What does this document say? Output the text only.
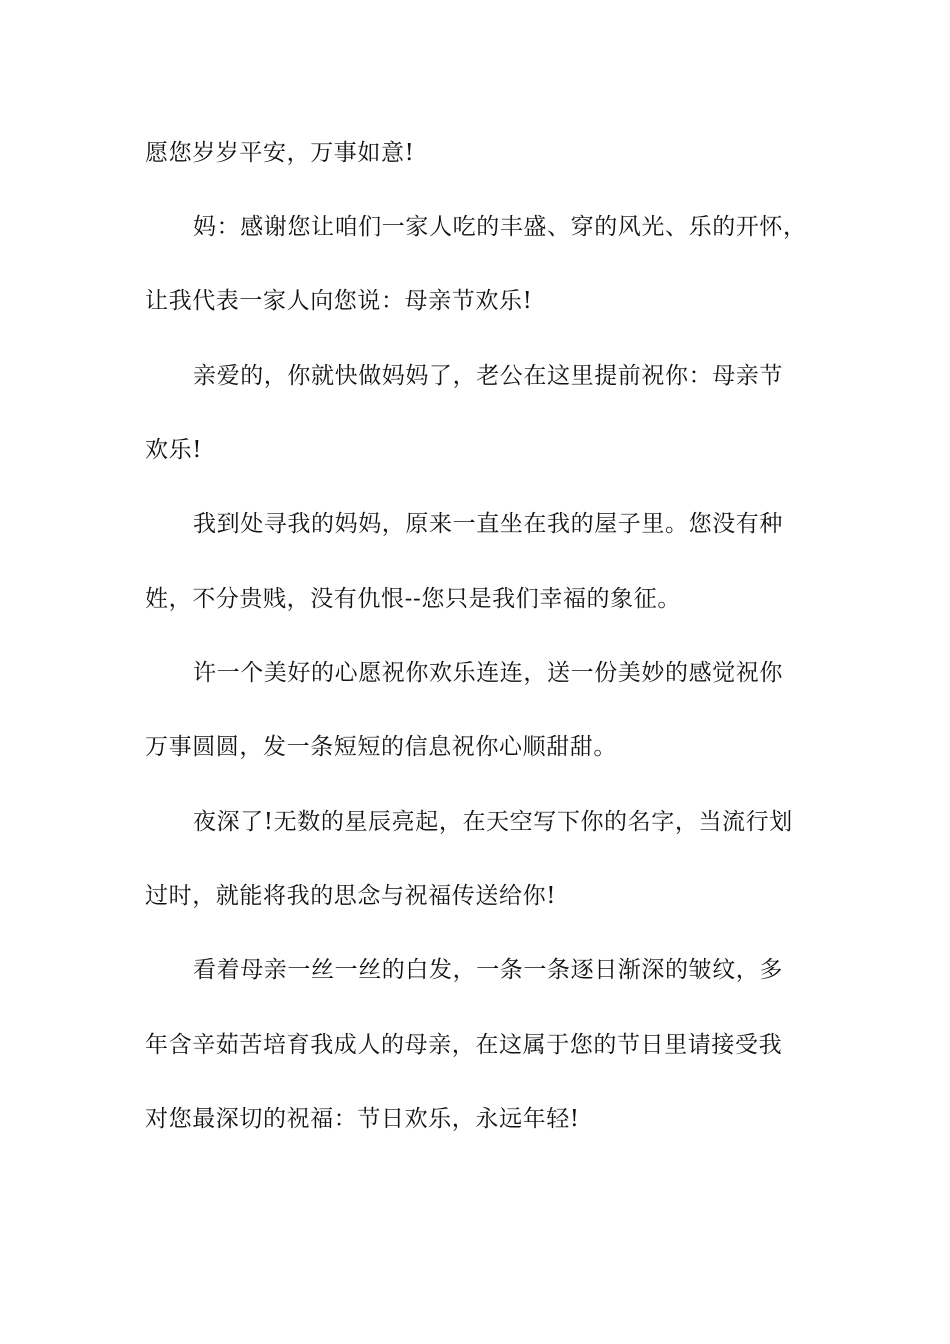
愿您岁岁平安，万事如意!
妈：感谢您让咱们一家人吃的丰盛、穿的风光、乐的开怀，
让我代表一家人向您说：母亲节欢乐!
亲爱的，你就快做妈妈了，老公在这里提前祝你：母亲节
欢乐!
我到处寻我的妈妈，原来一直坐在我的屋子里。您没有种
姓，不分贵贱，没有仇恨--您只是我们幸福的象征。
许一个美好的心愿祝你欢乐连连，送一份美妙的感觉祝你
万事圆圆，发一条短短的信息祝你心顺甜甜。
夜深了!无数的星辰亮起，在天空写下你的名字，当流行划
过时，就能将我的思念与祝福传送给你!
看着母亲一丝一丝的白发，一条一条逐日渐深的皱纹，多
年含辛茹苦培育我成人的母亲，在这属于您的节日里请接受我
对您最深切的祝福：节日欢乐，永远年轻!
